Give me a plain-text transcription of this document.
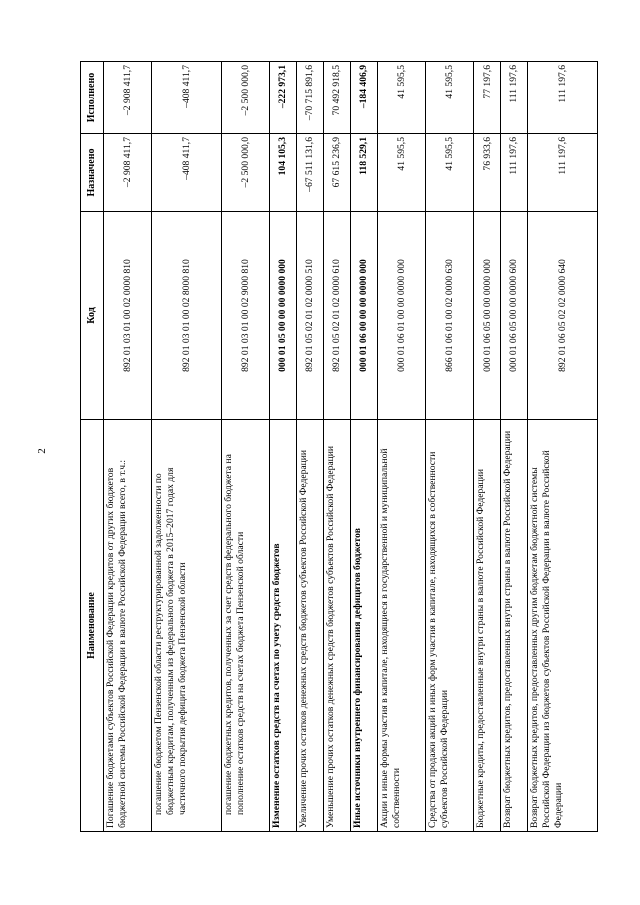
2
Наименование	Код	Назначено	Исполнено
Погашение бюджетами субъектов Российской Федерации кредитов от других бюджетов бюджетной системы Российской Федерации в валюте Российской Федерации всего, в т.ч.:	892 01 03 01 00 02 0000 810	–2 908 411,7	–2 908 411,7
погашение бюджетом Пензенской области реструктурированной задолженности по бюджетным кредитам, полученным из федерального бюджета в 2015–2017 годах для частичного покрытия дефицита бюджета Пензенской области	892 01 03 01 00 02 8000 810	–408 411,7	–408 411,7
погашение бюджетных кредитов, полученных за счет средств федерального бюджета на пополнение остатков средств на счетах бюджета Пензенской области	892 01 03 01 00 02 9000 810	–2 500 000,0	–2 500 000,0
Изменение остатков средств на счетах по учету средств бюджетов	000 01 05 00 00 00 0000 000	104 105,3	–222 973,1
Увеличение прочих остатков денежных средств бюджетов субъектов Российской Федерации	892 01 05 02 01 02 0000 510	–67 511 131,6	–70 715 891,6
Уменьшение прочих остатков денежных средств бюджетов субъектов Российской Федерации	892 01 05 02 01 02 0000 610	67 615 236,9	70 492 918,5
Иные источники внутреннего финансирования дефицитов бюджетов	000 01 06 00 00 00 0000 000	118 529,1	–184 406,9
Акции и иные формы участия в капитале, находящиеся в государственной и муниципальной собственности	000 01 06 01 00 00 0000 000	41 595,5	41 595,5
Средства от продажи акций и иных форм участия в капитале, находящихся в собственности субъектов Российской Федерации	866 01 06 01 00 02 0000 630	41 595,5	41 595,5
Бюджетные кредиты, предоставленные внутри страны в валюте Российской Федерации	000 01 06 05 00 00 0000 000	76 933,6	77 197,6
Возврат бюджетных кредитов, предоставленных внутри страны в валюте Российской Федерации	000 01 06 05 00 00 0000 600	111 197,6	111 197,6
Возврат бюджетных кредитов, предоставленных другим бюджетам бюджетной системы Российской Федерации из бюджетов субъектов Российской Федерации в валюте Российской Федерации	892 01 06 05 02 02 0000 640	111 197,6	111 197,6
